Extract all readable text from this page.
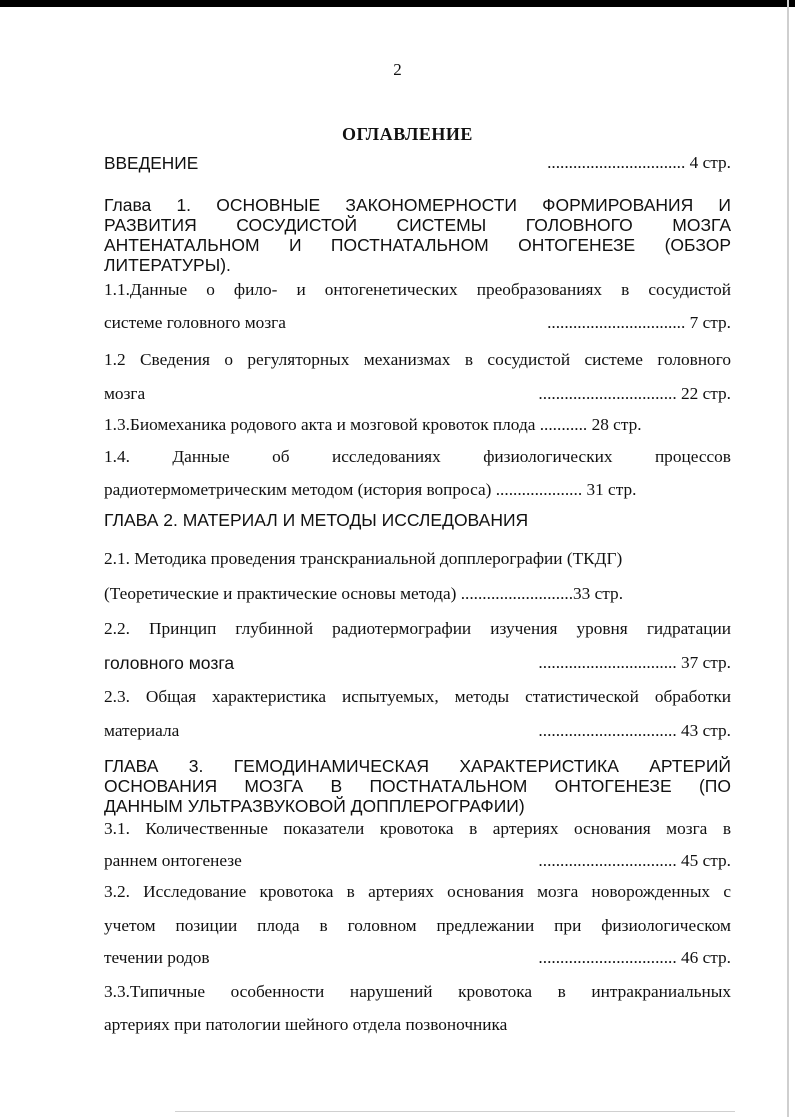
2
ОГЛАВЛЕНИЕ
ВВЕДЕНИЕ	................................ 4 стр.
Глава 1. ОСНОВНЫЕ ЗАКОНОМЕРНОСТИ ФОРМИРОВАНИЯ И
РАЗВИТИЯ СОСУДИСТОЙ СИСТЕМЫ ГОЛОВНОГО МОЗГА
АНТЕНАТАЛЬНОМ И ПОСТНАТАЛЬНОМ ОНТОГЕНЕЗЕ (ОБЗОР
ЛИТЕРАТУРЫ).
1.1.Данные о фило- и онтогенетических преобразованиях в сосудистой
системе головного мозга	................................ 7 стр.
1.2 Сведения о регуляторных механизмах в сосудистой системе головного
мозга	................................ 22 стр.
1.3.Биомеханика родового акта и мозговой кровоток плода ........... 28 стр.
1.4. Данные об исследованиях физиологических процессов
радиотермометрическим методом (история вопроса) .................... 31 стр.
ГЛАВА 2. МАТЕРИАЛ И МЕТОДЫ ИССЛЕДОВАНИЯ
2.1. Методика проведения транскраниальной допплерографии (ТКДГ)
(Теоретические и практические основы метода) ..........................33 стр.
2.2. Принцип глубинной радиотермографии изучения уровня гидратации
головного мозга	................................ 37 стр.
2.3. Общая характеристика испытуемых, методы статистической обработки
материала	................................ 43 стр.
ГЛАВА 3. ГЕМОДИНАМИЧЕСКАЯ ХАРАКТЕРИСТИКА АРТЕРИЙ
ОСНОВАНИЯ МОЗГА В ПОСТНАТАЛЬНОМ ОНТОГЕНЕЗЕ (ПО
ДАННЫМ УЛЬТРАЗВУКОВОЙ ДОППЛЕРОГРАФИИ)
3.1. Количественные показатели кровотока в артериях основания мозга в
раннем онтогенезе	................................ 45 стр.
3.2. Исследование кровотока в артериях основания мозга новорожденных с
учетом позиции плода в головном предлежании при физиологическом
течении родов	................................ 46 стр.
3.3.Типичные особенности нарушений кровотока в интракраниальных
артериях при патологии шейного отдела позвоночника
